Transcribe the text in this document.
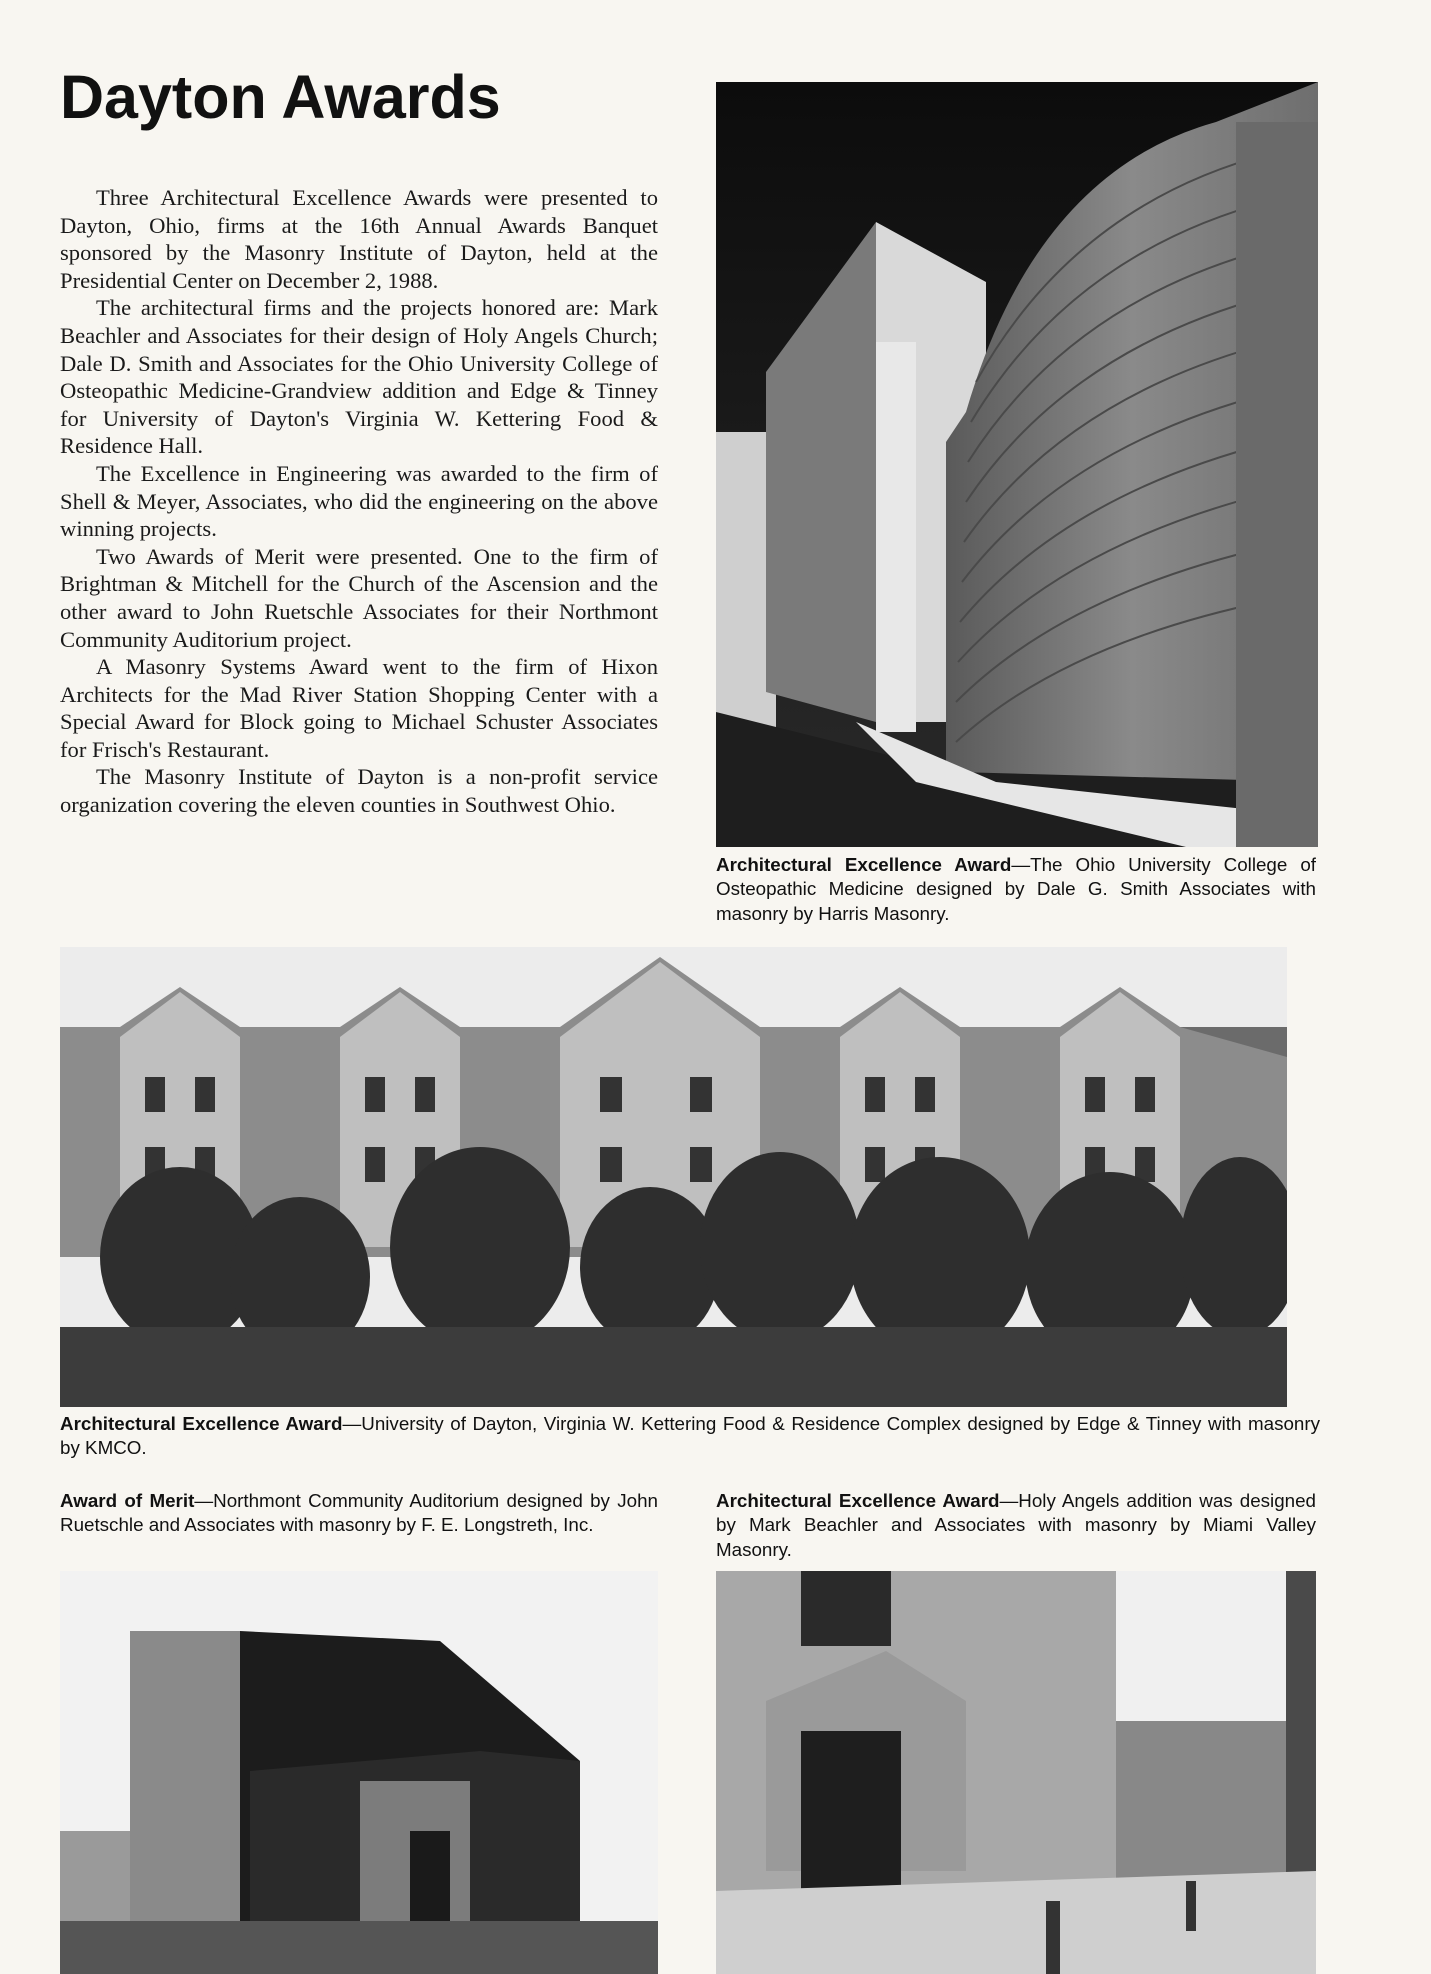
Dayton Awards

Three Architectural Excellence Awards were presented to Dayton, Ohio, firms at the 16th Annual Awards Banquet sponsored by the Masonry Institute of Dayton, held at the Presidential Center on December 2, 1988.

The architectural firms and the projects honored are: Mark Beachler and Associates for their design of Holy Angels Church; Dale D. Smith and Associates for the Ohio University College of Osteopathic Medicine-Grandview addition and Edge & Tinney for University of Dayton's Virginia W. Kettering Food & Residence Hall.

The Excellence in Engineering was awarded to the firm of Shell & Meyer, Associates, who did the engineering on the above winning projects.

Two Awards of Merit were presented. One to the firm of Brightman & Mitchell for the Church of the Ascension and the other award to John Ruetschle Associates for their Northmont Community Auditorium project.

A Masonry Systems Award went to the firm of Hixon Architects for the Mad River Station Shopping Center with a Special Award for Block going to Michael Schuster Associates for Frisch's Restaurant.

The Masonry Institute of Dayton is a non-profit service organization covering the eleven counties in Southwest Ohio.

Architectural Excellence Award—The Ohio University College of Osteopathic Medicine designed by Dale G. Smith Associates with masonry by Harris Masonry.
Architectural Excellence Award—University of Dayton, Virginia W. Kettering Food & Residence Complex designed by Edge & Tinney with masonry by KMCO.
Award of Merit—Northmont Community Auditorium designed by John Ruetschle and Associates with masonry by F. E. Longstreth, Inc.
Architectural Excellence Award—Holy Angels addition was designed by Mark Beachler and Associates with masonry by Miami Valley Masonry.
